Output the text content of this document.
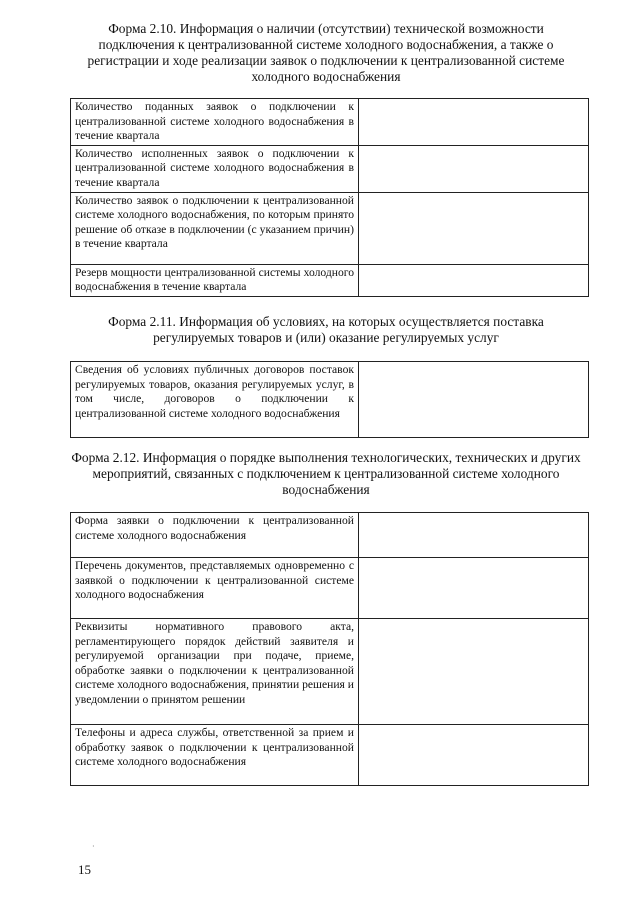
Форма 2.10. Информация о наличии (отсутствии) технической возможности подключения к централизованной системе холодного водоснабжения, а также о регистрации и ходе реализации заявок о подключении к централизованной системе холодного водоснабжения
Количество поданных заявок о подключении к централизованной системе холодного водоснабжения в течение квартала	
Количество исполненных заявок о подключении к централизованной системе холодного водоснабжения в течение квартала	
Количество заявок о подключении к централизованной системе холодного водоснабжения, по которым принято решение об отказе в подключении (с указанием причин) в течение квартала	
Резерв мощности централизованной системы холодного водоснабжения в течение квартала	
Форма 2.11. Информация об условиях, на которых осуществляется поставка регулируемых товаров и (или) оказание регулируемых услуг
Сведения об условиях публичных договоров поставок регулируемых товаров, оказания регулируемых услуг, в том числе, договоров о подключении к централизованной системе холодного водоснабжения	
Форма 2.12. Информация о порядке выполнения технологических, технических и других мероприятий, связанных с подключением к централизованной системе холодного водоснабжения
Форма заявки о подключении к централизованной системе холодного водоснабжения	
Перечень документов, представляемых одновременно с заявкой о подключении к централизованной системе холодного водоснабжения	
Реквизиты нормативного правового акта, регламентирующего порядок действий заявителя и регулируемой организации при подаче, приеме, обработке заявки о подключении к централизованной системе холодного водоснабжения, принятии решения и уведомлении о принятом решении	
Телефоны и адреса службы, ответственной за прием и обработку заявок о подключении к централизованной системе холодного водоснабжения	
·
15
